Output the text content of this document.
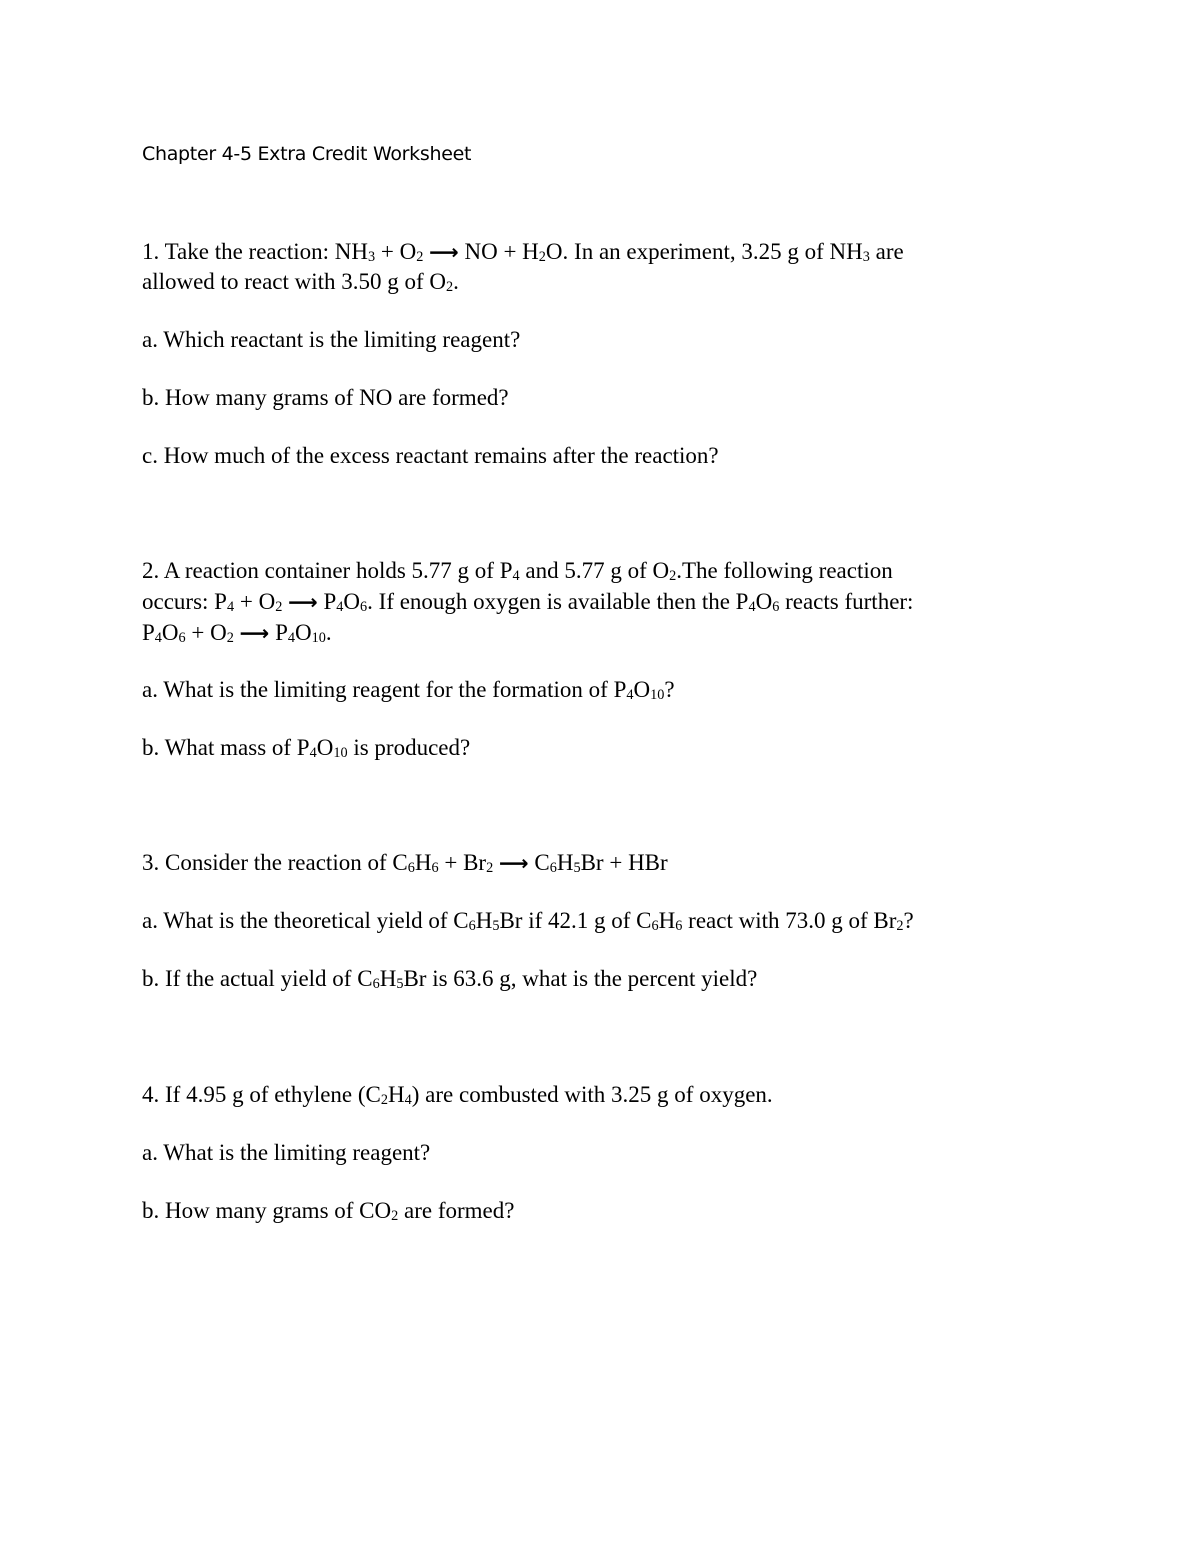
Chapter 4-5 Extra Credit Worksheet
1. Take the reaction: $NH_3 + O_2$ ⟶ NO + $H_2O$. In an experiment, 3.25 g of $NH_3$ are
allowed to react with 3.50 g of $O_2$.
a. Which reactant is the limiting reagent?
b. How many grams of NO are formed?
c. How much of the excess reactant remains after the reaction?
2. A reaction container holds 5.77 g of $P_4$ and 5.77 g of $O_2.The$ following reaction
occurs: $P_4 + O_2$ ⟶ $P_4O_6$. If enough oxygen is available then the $P_4O_6$ reacts further:
$P_4O_6 + O_2$ ⟶ $P_4O_{10}$.
a. What is the limiting reagent for the formation of $P_4O_{10}$?
b. What mass of $P_4O_{10}$ is produced?
3. Consider the reaction of $C_6H_6 + Br_2$ ⟶ $C_6H_5Br$ + HBr
a. What is the theoretical yield of $C_6H_5Br$ if 42.1 g of $C_6H_6$ react with 73.0 g of $Br_2$?
b. If the actual yield of $C_6H_5Br$ is 63.6 g, what is the percent yield?
4. If 4.95 g of ethylene $(C_2H_4)$ are combusted with 3.25 g of oxygen.
a. What is the limiting reagent?
b. How many grams of $CO_2$ are formed?
